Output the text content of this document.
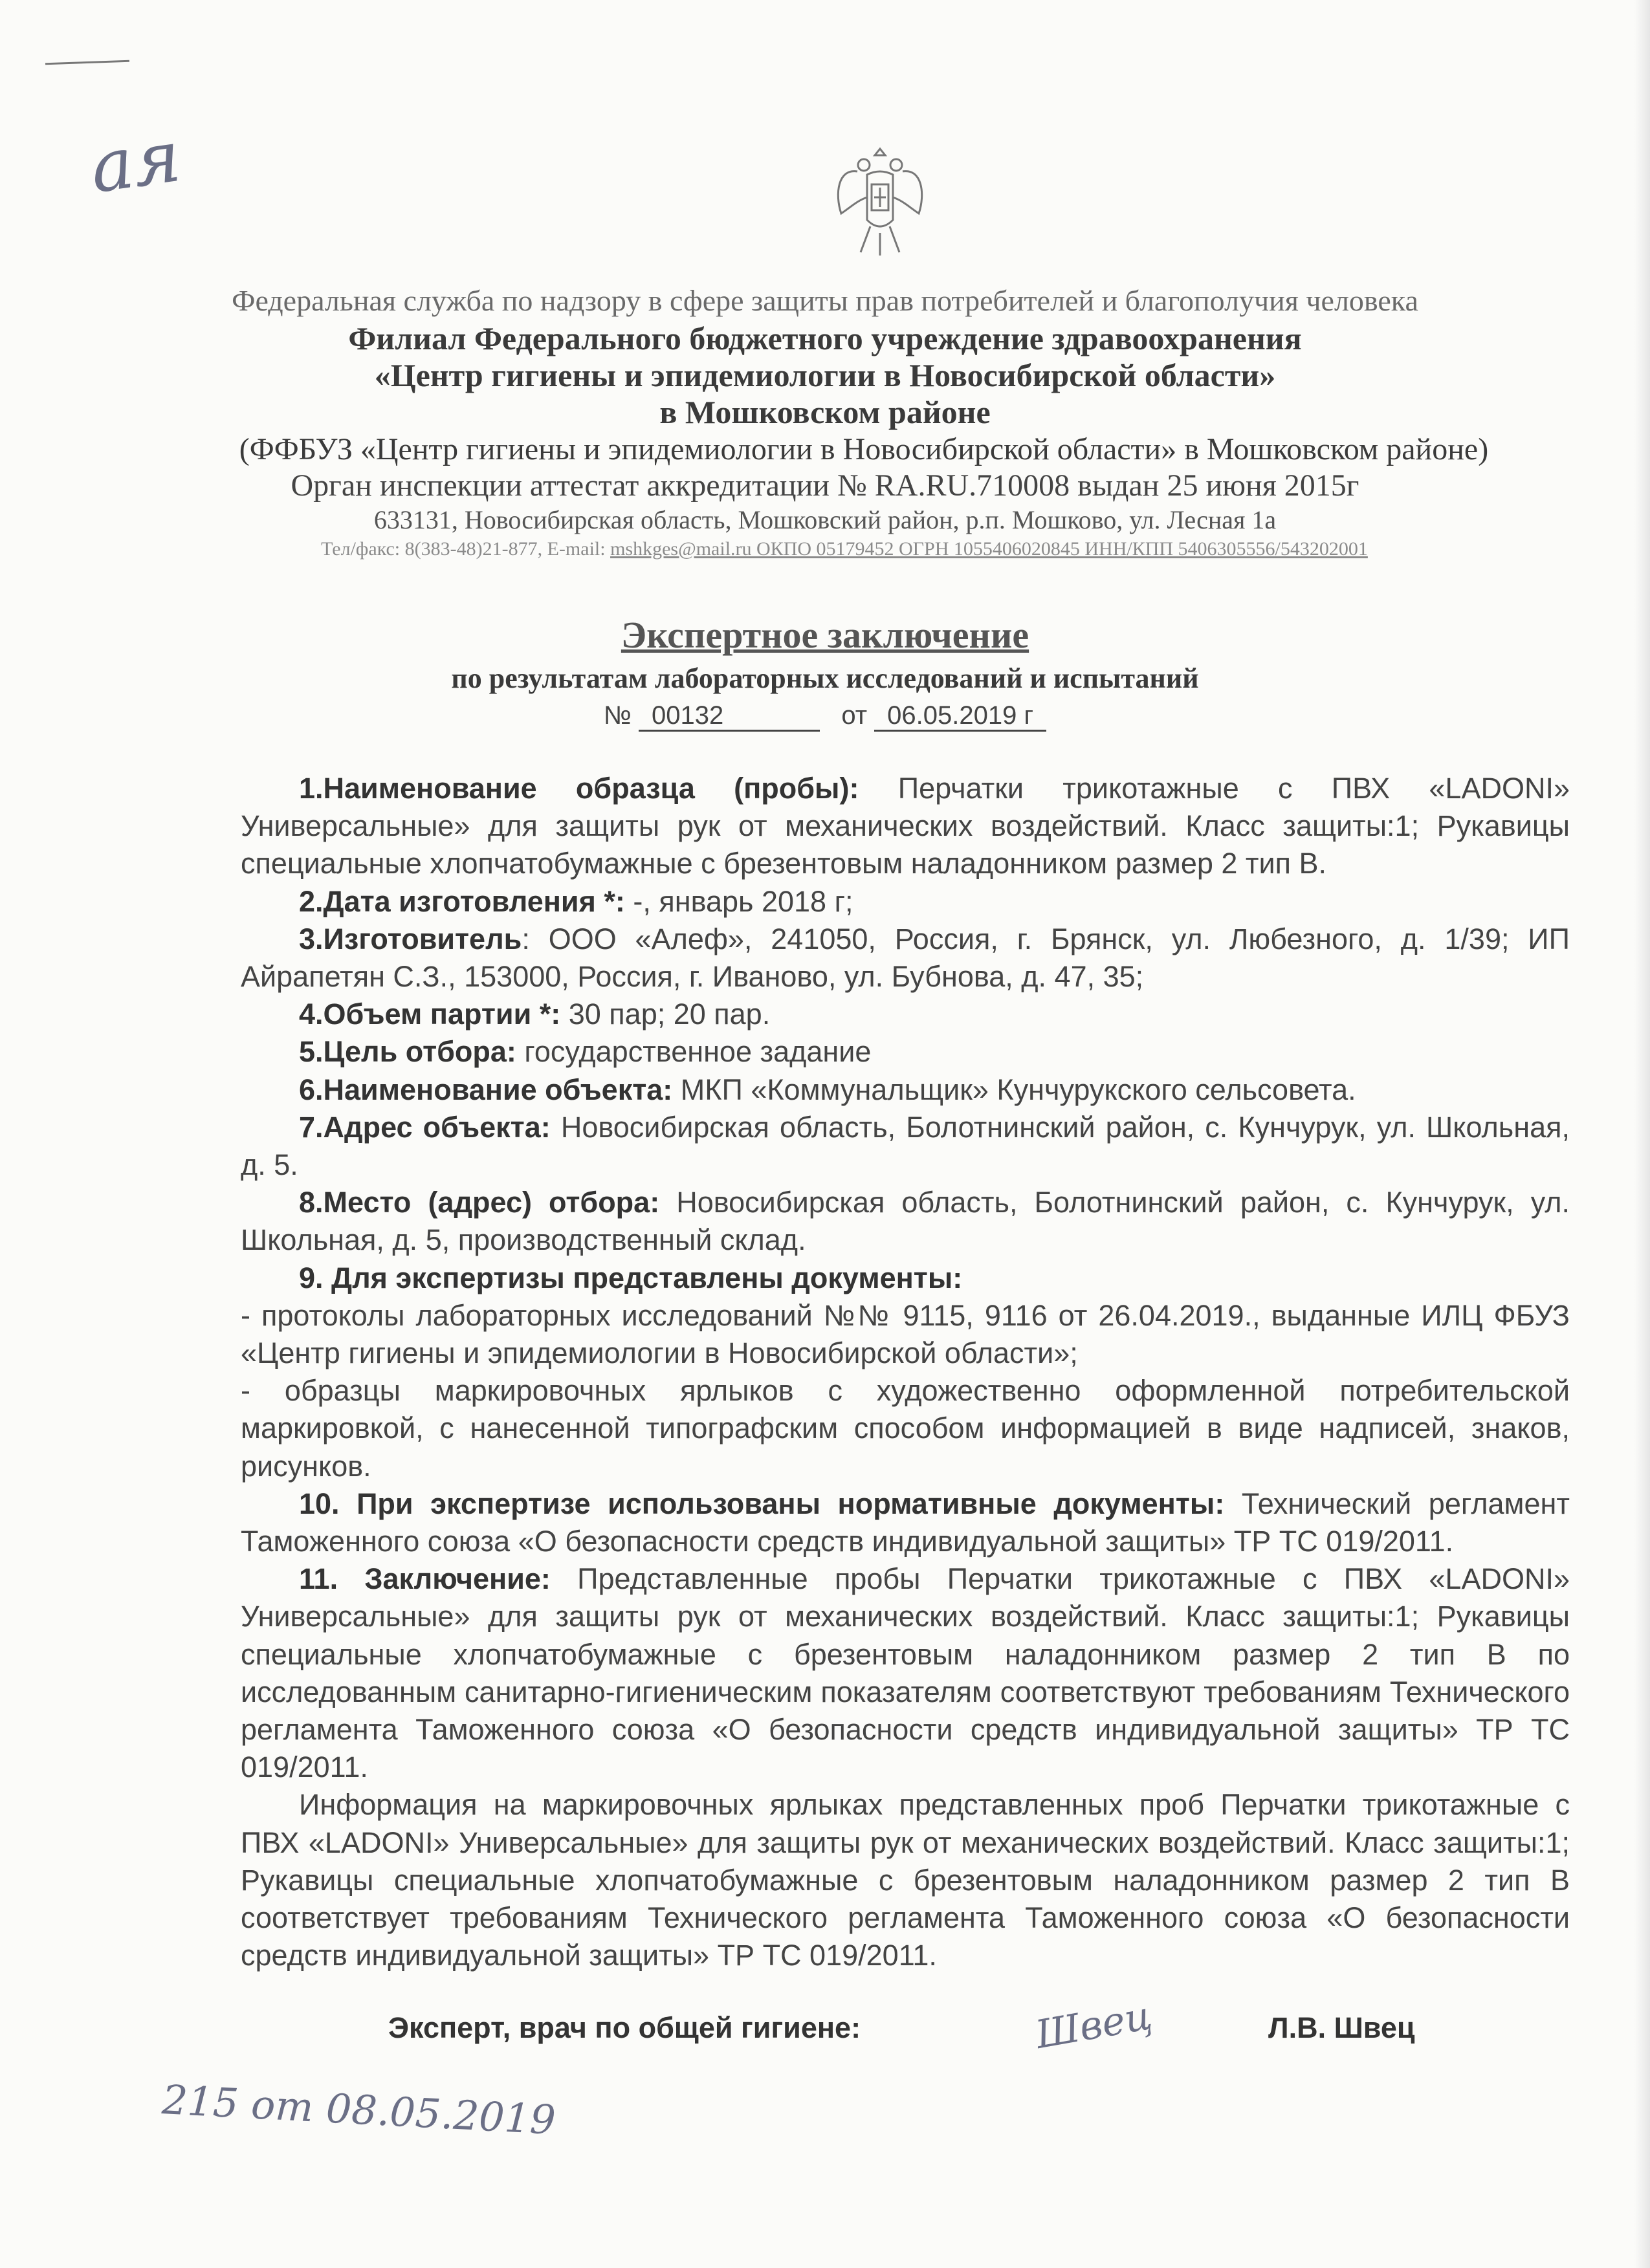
ая
Федеральная служба по надзору в сфере защиты прав потребителей и благополучия человека
Филиал Федерального бюджетного учреждение здравоохранения
«Центр гигиены и эпидемиологии в Новосибирской области»
в Мошковском районе
(ФФБУЗ «Центр гигиены и эпидемиологии в Новосибирской области» в Мошковском районе)
Орган инспекции аттестат аккредитации № RA.RU.710008 выдан 25 июня 2015г
633131, Новосибирская область, Мошковский район, р.п. Мошково, ул. Лесная 1а
Тел/факс: 8(383-48)21-877, E-mail: mshkges@mail.ru ОКПО 05179452 ОГРН 1055406020845 ИНН/КПП 5406305556/543202001
Экспертное заключение
по результатам лабораторных исследований и испытаний
№ 00132	от 06.05.2019 г

1.Наименование образца (пробы): Перчатки трикотажные с ПВХ «LADONI» Универсальные» для защиты рук от механических воздействий. Класс защиты:1; Рукавицы специальные хлопчатобумажные с брезентовым наладонником размер 2 тип В.

2.Дата изготовления *: -, январь 2018 г;

3.Изготовитель: ООО «Алеф», 241050, Россия, г. Брянск, ул. Любезного, д. 1/39; ИП Айрапетян С.З., 153000, Россия, г. Иваново, ул. Бубнова, д. 47, 35;

4.Объем партии *: 30 пар; 20 пар.

5.Цель отбора: государственное задание

6.Наименование объекта: МКП «Коммунальщик» Кунчурукского сельсовета.

7.Адрес объекта: Новосибирская область, Болотнинский район, с. Кунчурук, ул. Школьная, д. 5.

8.Место (адрес) отбора: Новосибирская область, Болотнинский район, с. Кунчурук, ул. Школьная, д. 5, производственный склад.

9. Для экспертизы представлены документы:

- протоколы лабораторных исследований №№ 9115, 9116 от 26.04.2019., выданные ИЛЦ ФБУЗ «Центр гигиены и эпидемиологии в Новосибирской области»;

- образцы маркировочных ярлыков с художественно оформленной потребительской маркировкой, с нанесенной типографским способом информацией в виде надписей, знаков, рисунков.

10. При экспертизе использованы нормативные документы: Технический регламент Таможенного союза «О безопасности средств индивидуальной защиты» ТР ТС 019/2011.

11. Заключение: Представленные пробы Перчатки трикотажные с ПВХ «LADONI» Универсальные» для защиты рук от механических воздействий. Класс защиты:1; Рукавицы специальные хлопчатобумажные с брезентовым наладонником размер 2 тип В по исследованным санитарно-гигиеническим показателям соответствуют требованиям Технического регламента Таможенного союза «О безопасности средств индивидуальной защиты» ТР ТС 019/2011.

Информация на маркировочных ярлыках представленных проб Перчатки трикотажные с ПВХ «LADONI» Универсальные» для защиты рук от механических воздействий. Класс защиты:1; Рукавицы специальные хлопчатобумажные с брезентовым наладонником размер 2 тип В соответствует требованиям Технического регламента Таможенного союза «О безопасности средств индивидуальной защиты» ТР ТС 019/2011.

Эксперт, врач по общей гигиене:	Швец	Л.В. Швец
215 от 08.05.2019
